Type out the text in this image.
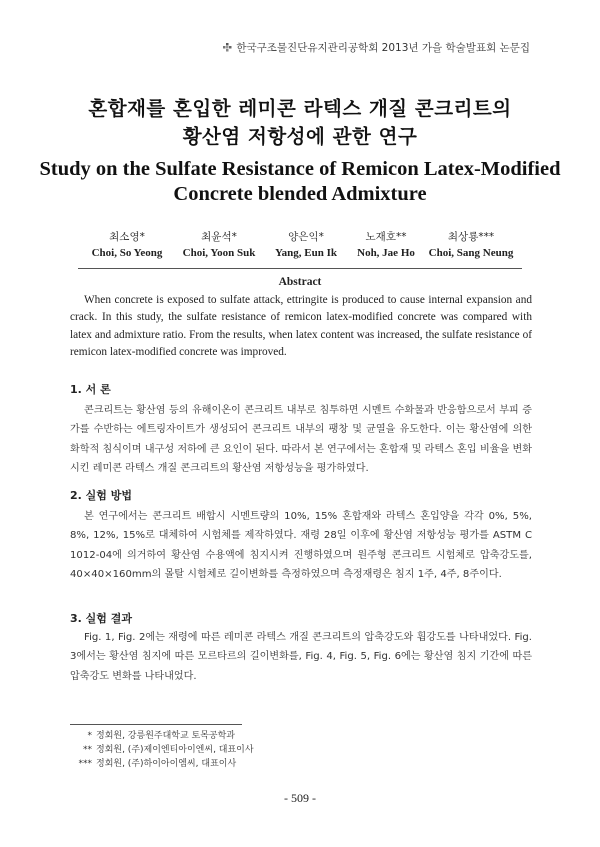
한국구조물진단유지관리공학회 2013년 가을 학술발표회 논문집
혼합재를 혼입한 레미콘 라텍스 개질 콘크리트의
황산염 저항성에 관한 연구
Study on the Sulfate Resistance of Remicon Latex-Modified
Concrete blended Admixture
최소영*
Choi, So Yeong
최윤석*
Choi, Yoon Suk
양은익*
Yang, Eun Ik
노재호**
Noh, Jae Ho
최상룡***
Choi, Sang Neung
Abstract

When concrete is exposed to sulfate attack, ettringite is produced to cause internal expansion and crack. In this study, the sulfate resistance of remicon latex-modified concrete was compared with latex and admixture ratio. From the results, when latex content was increased, the sulfate resistance of remicon latex-modified concrete was improved.

1. 서 론

콘크리트는 황산염 등의 유해이온이 콘크리트 내부로 침투하면 시멘트 수화물과 반응함으로서 부피 증가를 수반하는 에트링자이트가 생성되어 콘크리트 내부의 팽창 및 균열을 유도한다. 이는 황산염에 의한 화학적 침식이며 내구성 저하에 큰 요인이 된다. 따라서 본 연구에서는 혼합재 및 라텍스 혼입 비율을 변화시킨 레미콘 라텍스 개질 콘크리트의 황산염 저항성능을 평가하였다.

2. 실험 방법

본 연구에서는 콘크리트 배합시 시멘트량의 10%, 15% 혼합재와 라텍스 혼입양을 각각 0%, 5%, 8%, 12%, 15%로 대체하여 시험체를 제작하였다. 재령 28일 이후에 황산염 저항성능 평가를 ASTM C 1012-04에 의거하여 황산염 수용액에 침지시켜 진행하였으며 원주형 콘크리트 시험체로 압축강도를, 40×40×160mm의 몰탈 시험체로 길이변화를 측정하였으며 측정재령은 침지 1주, 4주, 8주이다.

3. 실험 결과

Fig. 1, Fig. 2에는 재령에 따른 레미콘 라텍스 개질 콘크리트의 압축강도와 휨강도를 나타내었다. Fig. 3에서는 황산염 침지에 따른 모르타르의 길이변화를, Fig. 4, Fig. 5, Fig. 6에는 황산염 침지 기간에 따른 압축강도 변화를 나타내었다.

* 정회원, 강릉원주대학교 토목공학과
** 정회원, (주)제이엔티아이엔씨, 대표이사
*** 정회원, (주)하이아이엠씨, 대표이사
- 509 -
